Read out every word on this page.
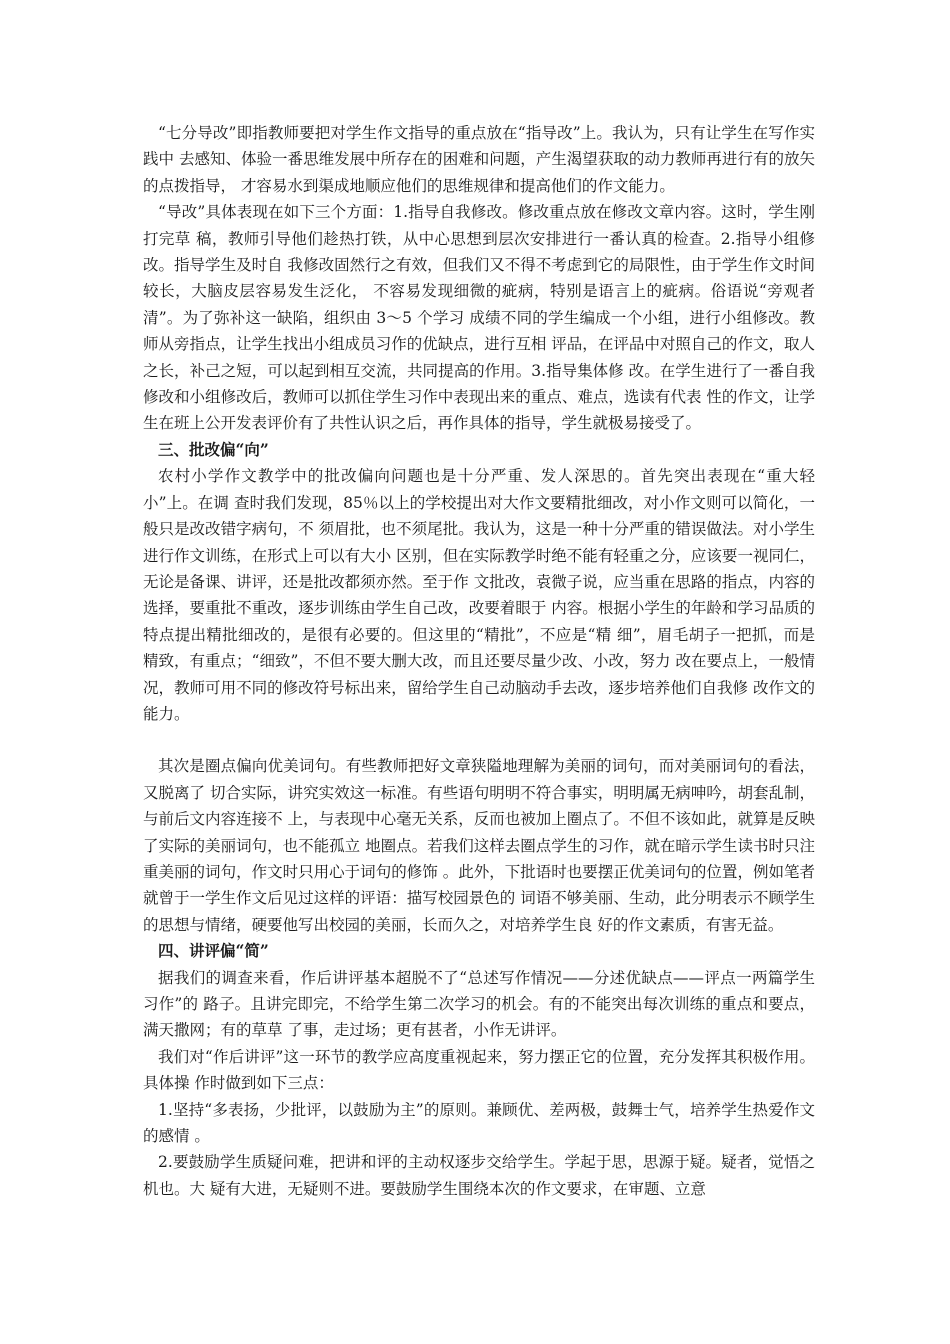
“七分导改”即指教师要把对学生作文指导的重点放在“指导改”上。我认为，只有让学生在写作实践中 去感知、体验一番思维发展中所存在的困难和问题，产生渴望获取的动力教师再进行有的放矢的点拨指导， 才容易水到渠成地顺应他们的思维规律和提高他们的作文能力。

“导改”具体表现在如下三个方面：1.指导自我修改。修改重点放在修改文章内容。这时，学生刚打完草 稿，教师引导他们趁热打铁，从中心思想到层次安排进行一番认真的检查。2.指导小组修改。指导学生及时自 我修改固然行之有效，但我们又不得不考虑到它的局限性，由于学生作文时间较长，大脑皮层容易发生泛化， 不容易发现细微的疵病，特别是语言上的疵病。俗语说“旁观者清”。为了弥补这一缺陷，组织由 3～5 个学习 成绩不同的学生编成一个小组，进行小组修改。教师从旁指点，让学生找出小组成员习作的优缺点，进行互相 评品，在评品中对照自己的作文，取人之长，补己之短，可以起到相互交流，共同提高的作用。3.指导集体修 改。在学生进行了一番自我修改和小组修改后，教师可以抓住学生习作中表现出来的重点、难点，选读有代表 性的作文，让学生在班上公开发表评价有了共性认识之后，再作具体的指导，学生就极易接受了。

三、批改偏“向”

农村小学作文教学中的批改偏向问题也是十分严重、发人深思的。首先突出表现在“重大轻小”上。在调 查时我们发现，85％以上的学校提出对大作文要精批细改，对小作文则可以简化，一般只是改改错字病句，不 须眉批，也不须尾批。我认为，这是一种十分严重的错误做法。对小学生进行作文训练，在形式上可以有大小 区别，但在实际教学时绝不能有轻重之分，应该要一视同仁，无论是备课、讲评，还是批改都须亦然。至于作 文批改，袁微子说，应当重在思路的指点，内容的选择，要重批不重改，逐步训练由学生自己改，改要着眼于 内容。根据小学生的年龄和学习品质的特点提出精批细改的，是很有必要的。但这里的“精批”，不应是“精 细”，眉毛胡子一把抓，而是精致，有重点；“细致”，不但不要大删大改，而且还要尽量少改、小改，努力 改在要点上，一般情况，教师可用不同的修改符号标出来，留给学生自己动脑动手去改，逐步培养他们自我修 改作文的能力。

其次是圈点偏向优美词句。有些教师把好文章狭隘地理解为美丽的词句，而对美丽词句的看法，又脱离了 切合实际，讲究实效这一标准。有些语句明明不符合事实，明明属无病呻吟，胡套乱制，与前后文内容连接不 上，与表现中心毫无关系，反而也被加上圈点了。不但不该如此，就算是反映了实际的美丽词句，也不能孤立 地圈点。若我们这样去圈点学生的习作，就在暗示学生读书时只注重美丽的词句，作文时只用心于词句的修饰 。此外，下批语时也要摆正优美词句的位置，例如笔者就曾于一学生作文后见过这样的评语：描写校园景色的 词语不够美丽、生动，此分明表示不顾学生的思想与情绪，硬要他写出校园的美丽，长而久之，对培养学生良 好的作文素质，有害无益。

四、讲评偏“简”

据我们的调查来看，作后讲评基本超脱不了“总述写作情况——分述优缺点——评点一两篇学生习作”的 路子。且讲完即完，不给学生第二次学习的机会。有的不能突出每次训练的重点和要点，满天撒网；有的草草 了事，走过场；更有甚者，小作无讲评。

我们对“作后讲评”这一环节的教学应高度重视起来，努力摆正它的位置，充分发挥其积极作用。具体操 作时做到如下三点：

1.坚持“多表扬，少批评，以鼓励为主”的原则。兼顾优、差两极，鼓舞士气，培养学生热爱作文的感情 。

2.要鼓励学生质疑问难，把讲和评的主动权逐步交给学生。学起于思，思源于疑。疑者，觉悟之机也。大 疑有大进，无疑则不进。要鼓励学生围绕本次的作文要求，在审题、立意
